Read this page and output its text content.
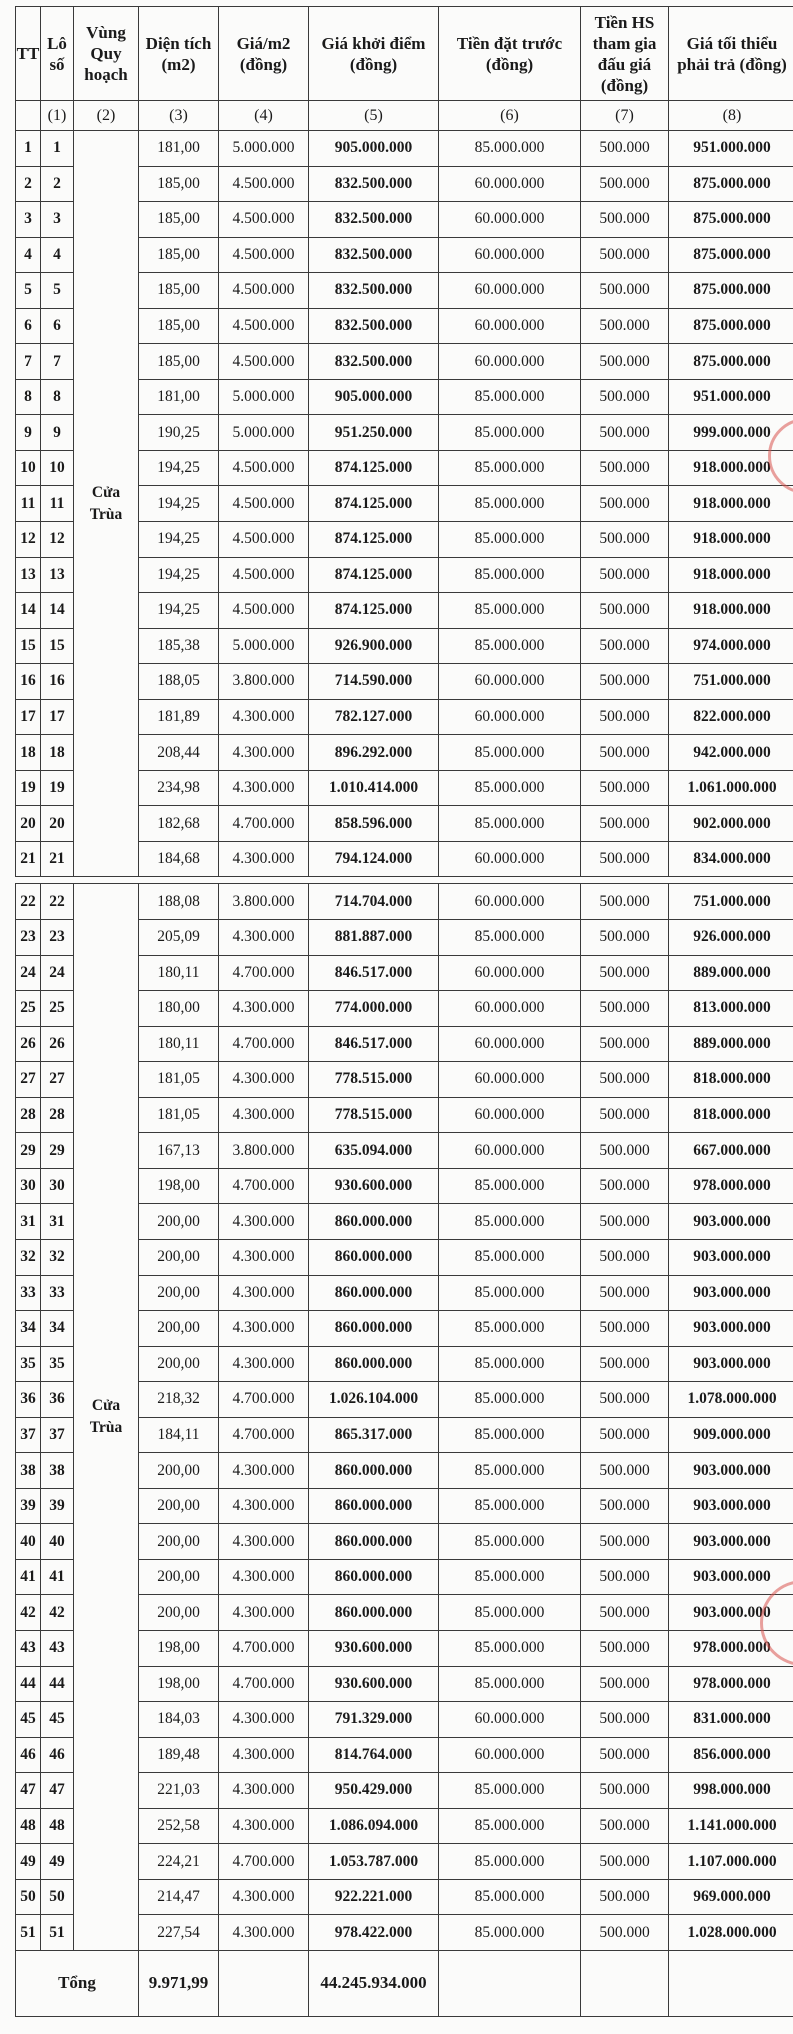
TT	Lô số	Vùng Quy hoạch	Diện tích (m2)	Giá/m2 (đồng)	Giá khởi điểm (đồng)	Tiền đặt trước (đồng)	Tiền HS tham gia đấu giá (đồng)	Giá tối thiểu phải trả (đồng)
	(1)	(2)	(3)	(4)	(5)	(6)	(7)	(8)
1	1	Cửa Trùa	181,00	5.000.000	905.000.000	85.000.000	500.000	951.000.000
2	2		185,00	4.500.000	832.500.000	60.000.000	500.000	875.000.000
3	3		185,00	4.500.000	832.500.000	60.000.000	500.000	875.000.000
4	4		185,00	4.500.000	832.500.000	60.000.000	500.000	875.000.000
5	5		185,00	4.500.000	832.500.000	60.000.000	500.000	875.000.000
6	6		185,00	4.500.000	832.500.000	60.000.000	500.000	875.000.000
7	7		185,00	4.500.000	832.500.000	60.000.000	500.000	875.000.000
8	8		181,00	5.000.000	905.000.000	85.000.000	500.000	951.000.000
9	9		190,25	5.000.000	951.250.000	85.000.000	500.000	999.000.000
10	10		194,25	4.500.000	874.125.000	85.000.000	500.000	918.000.000
11	11		194,25	4.500.000	874.125.000	85.000.000	500.000	918.000.000
12	12		194,25	4.500.000	874.125.000	85.000.000	500.000	918.000.000
13	13		194,25	4.500.000	874.125.000	85.000.000	500.000	918.000.000
14	14		194,25	4.500.000	874.125.000	85.000.000	500.000	918.000.000
15	15		185,38	5.000.000	926.900.000	85.000.000	500.000	974.000.000
16	16		188,05	3.800.000	714.590.000	60.000.000	500.000	751.000.000
17	17		181,89	4.300.000	782.127.000	60.000.000	500.000	822.000.000
18	18		208,44	4.300.000	896.292.000	85.000.000	500.000	942.000.000
19	19		234,98	4.300.000	1.010.414.000	85.000.000	500.000	1.061.000.000
20	20		182,68	4.700.000	858.596.000	85.000.000	500.000	902.000.000
21	21		184,68	4.300.000	794.124.000	60.000.000	500.000	834.000.000

22	22	Cửa Trùa	188,08	3.800.000	714.704.000	60.000.000	500.000	751.000.000
23	23		205,09	4.300.000	881.887.000	85.000.000	500.000	926.000.000
24	24		180,11	4.700.000	846.517.000	60.000.000	500.000	889.000.000
25	25		180,00	4.300.000	774.000.000	60.000.000	500.000	813.000.000
26	26		180,11	4.700.000	846.517.000	60.000.000	500.000	889.000.000
27	27		181,05	4.300.000	778.515.000	60.000.000	500.000	818.000.000
28	28		181,05	4.300.000	778.515.000	60.000.000	500.000	818.000.000
29	29		167,13	3.800.000	635.094.000	60.000.000	500.000	667.000.000
30	30		198,00	4.700.000	930.600.000	85.000.000	500.000	978.000.000
31	31		200,00	4.300.000	860.000.000	85.000.000	500.000	903.000.000
32	32		200,00	4.300.000	860.000.000	85.000.000	500.000	903.000.000
33	33		200,00	4.300.000	860.000.000	85.000.000	500.000	903.000.000
34	34		200,00	4.300.000	860.000.000	85.000.000	500.000	903.000.000
35	35		200,00	4.300.000	860.000.000	85.000.000	500.000	903.000.000
36	36		218,32	4.700.000	1.026.104.000	85.000.000	500.000	1.078.000.000
37	37		184,11	4.700.000	865.317.000	85.000.000	500.000	909.000.000
38	38		200,00	4.300.000	860.000.000	85.000.000	500.000	903.000.000
39	39		200,00	4.300.000	860.000.000	85.000.000	500.000	903.000.000
40	40		200,00	4.300.000	860.000.000	85.000.000	500.000	903.000.000
41	41		200,00	4.300.000	860.000.000	85.000.000	500.000	903.000.000
42	42		200,00	4.300.000	860.000.000	85.000.000	500.000	903.000.000
43	43		198,00	4.700.000	930.600.000	85.000.000	500.000	978.000.000
44	44		198,00	4.700.000	930.600.000	85.000.000	500.000	978.000.000
45	45		184,03	4.300.000	791.329.000	60.000.000	500.000	831.000.000
46	46		189,48	4.300.000	814.764.000	60.000.000	500.000	856.000.000
47	47		221,03	4.300.000	950.429.000	85.000.000	500.000	998.000.000
48	48		252,58	4.300.000	1.086.094.000	85.000.000	500.000	1.141.000.000
49	49		224,21	4.700.000	1.053.787.000	85.000.000	500.000	1.107.000.000
50	50		214,47	4.300.000	922.221.000	85.000.000	500.000	969.000.000
51	51		227,54	4.300.000	978.422.000	85.000.000	500.000	1.028.000.000
Tổng			9.971,99		44.245.934.000			
